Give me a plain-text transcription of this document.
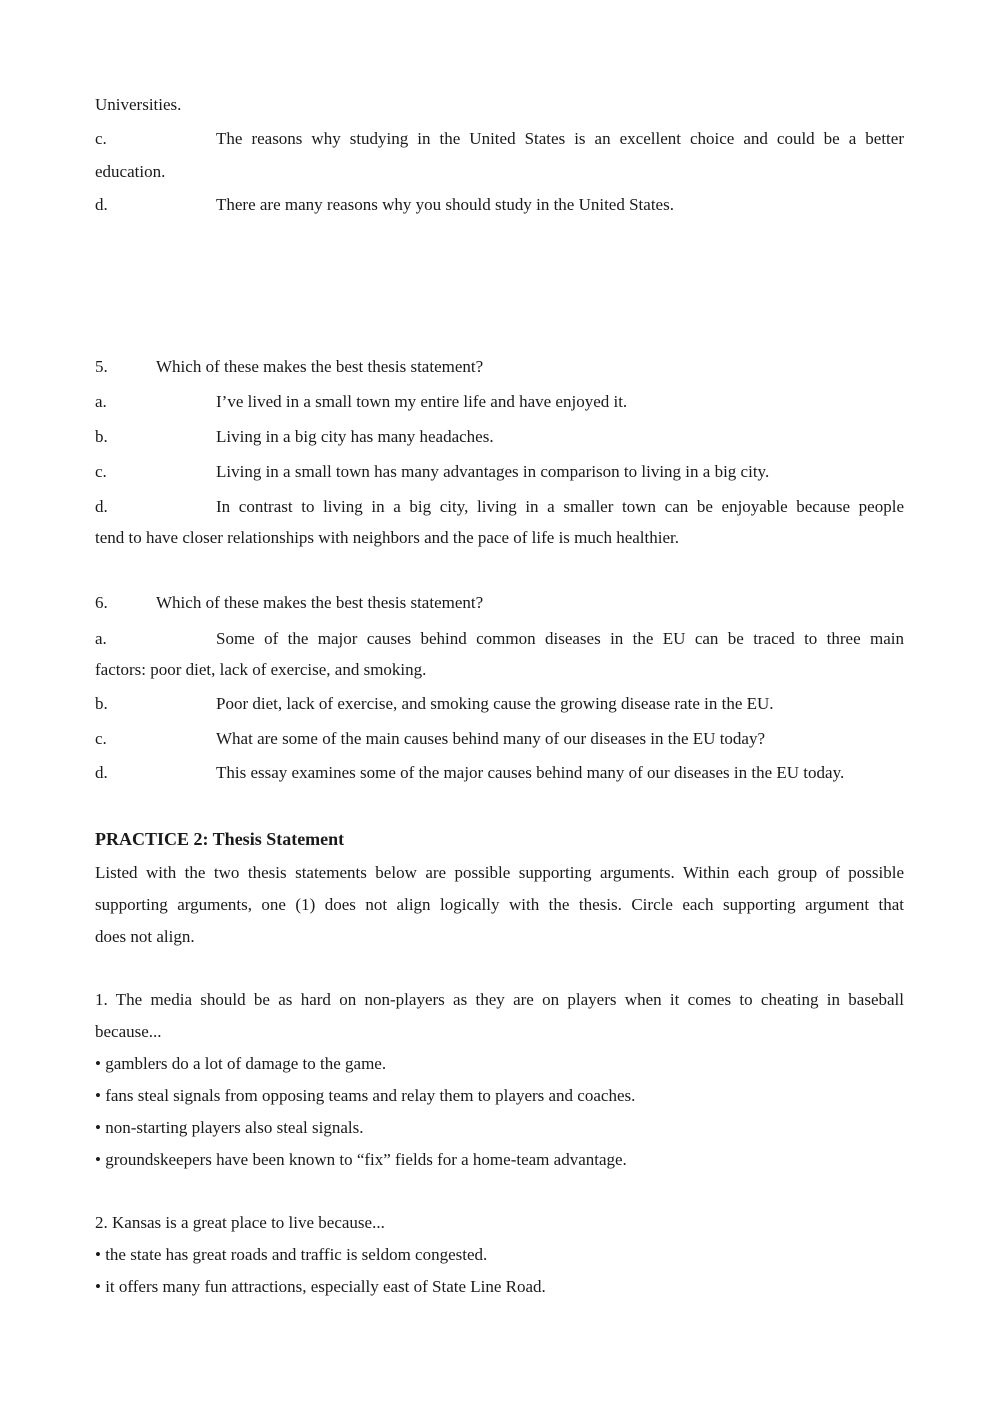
Universities.
c.	The reasons why studying in the United States is an excellent choice and could be a better
education.
d.	There are many reasons why you should study in the United States.
5.	Which of these makes the best thesis statement?
a.	I’ve lived in a small town my entire life and have enjoyed it.
b.	Living in a big city has many headaches.
c.	Living in a small town has many advantages in comparison to living in a big city.
d.	In contrast to living in a big city, living in a smaller town can be enjoyable because people
tend to have closer relationships with neighbors and the pace of life is much healthier.
6.	Which of these makes the best thesis statement?
a.	Some of the major causes behind common diseases in the EU can be traced to three main
factors: poor diet, lack of exercise, and smoking.
b.	Poor diet, lack of exercise, and smoking cause the growing disease rate in the EU.
c.	What are some of the main causes behind many of our diseases in the EU today?
d.	This essay examines some of the major causes behind many of our diseases in the EU today.
PRACTICE 2: Thesis Statement
Listed with the two thesis statements below are possible supporting arguments. Within each group of possible
supporting arguments, one (1) does not align logically with the thesis. Circle each supporting argument that
does not align.
1. The media should be as hard on non-players as they are on players when it comes to cheating in baseball
because...
• gamblers do a lot of damage to the game.
• fans steal signals from opposing teams and relay them to players and coaches.
• non-starting players also steal signals.
• groundskeepers have been known to “fix” fields for a home-team advantage.
2. Kansas is a great place to live because...
• the state has great roads and traffic is seldom congested.
• it offers many fun attractions, especially east of State Line Road.
